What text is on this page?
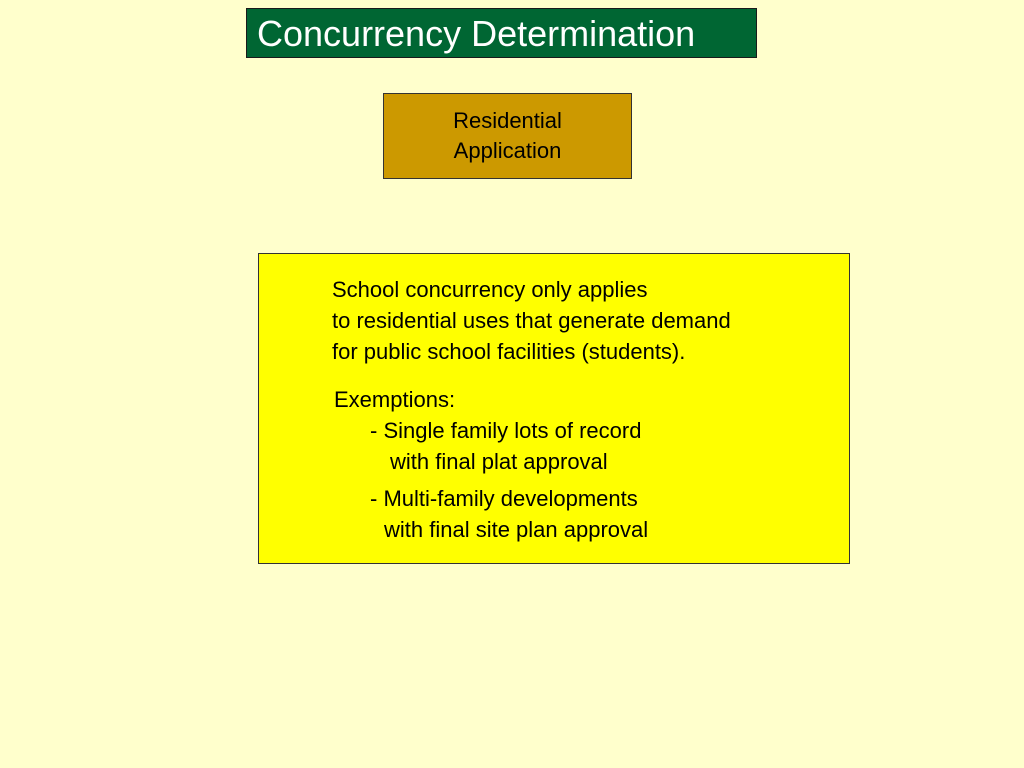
Concurrency Determination
Residential
Application
School concurrency only applies
to residential uses that generate demand
for public school facilities (students).
Exemptions:
- Single family lots of record
with final plat approval
- Multi-family developments
with final site plan approval
